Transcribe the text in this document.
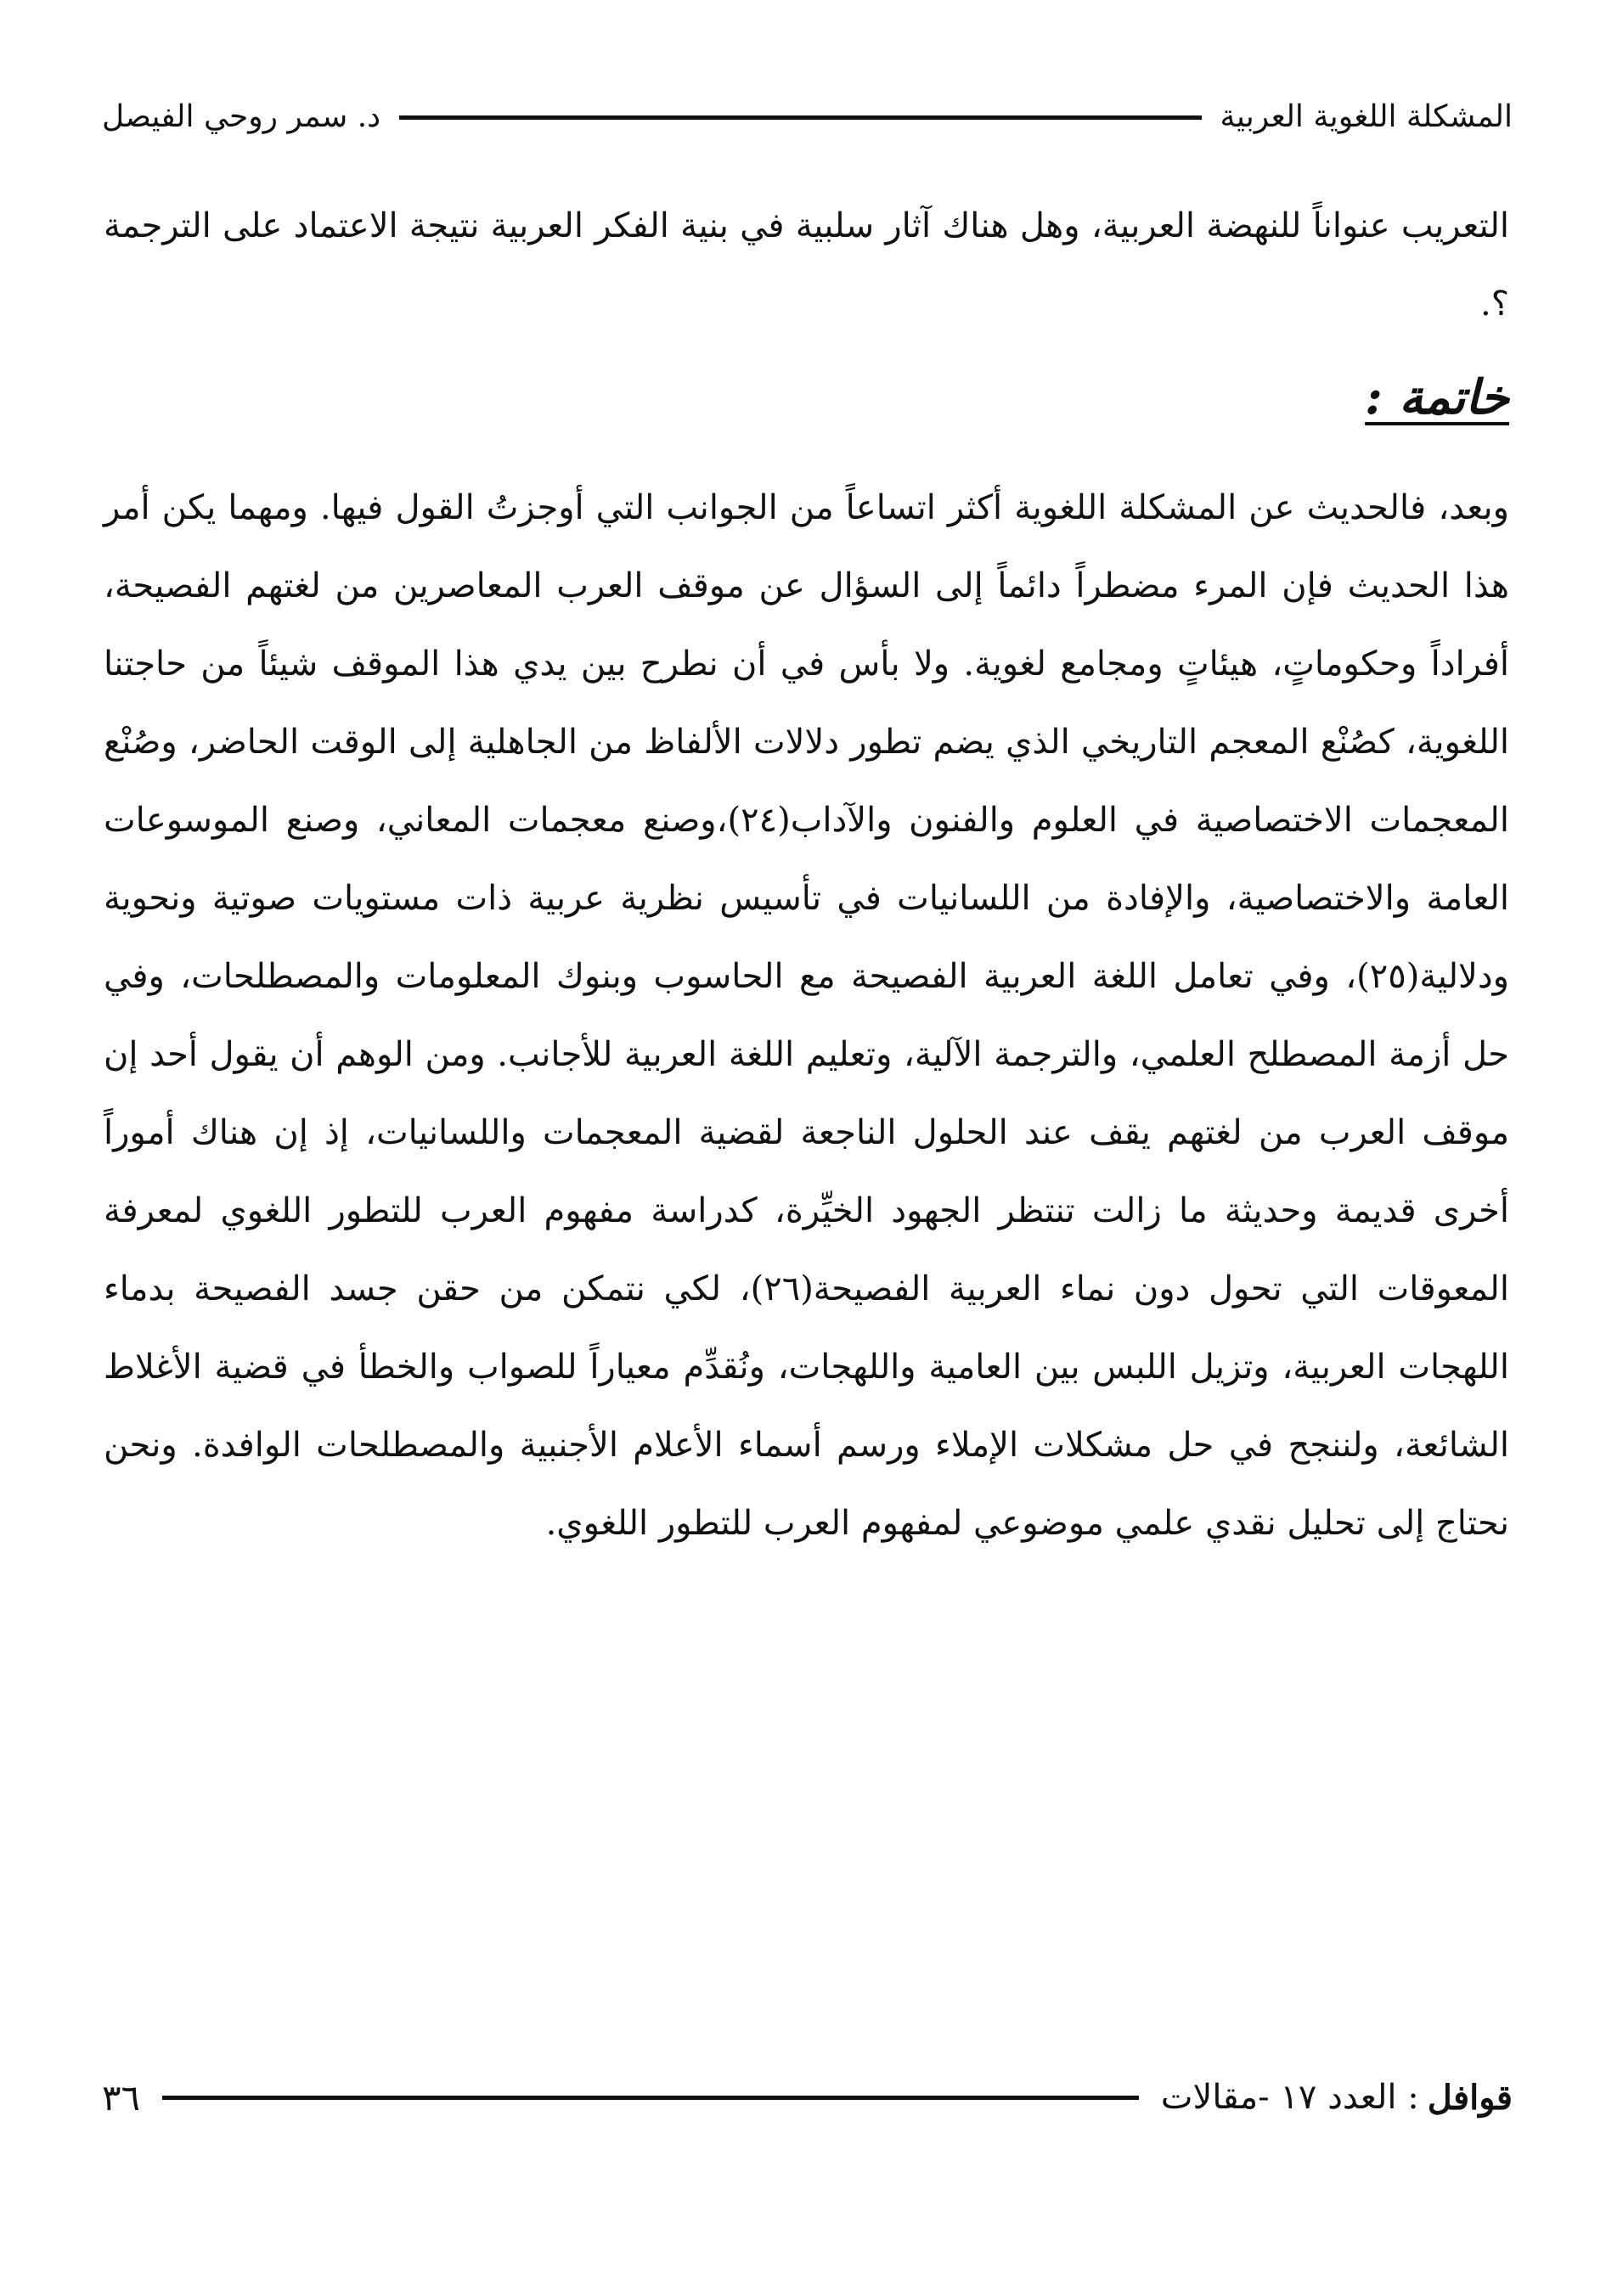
المشكلة اللغوية العربية
د. سمر روحي الفيصل

التعريب عنواناً للنهضة العربية، وهل هناك آثار سلبية في بنية الفكر العربية نتيجة الاعتماد على الترجمة ؟.

خاتمة :

وبعد، فالحديث عن المشكلة اللغوية أكثر اتساعاً من الجوانب التي أوجزتُ القول فيها. ومهما يكن أمر هذا الحديث فإن المرء مضطراً دائماً إلى السؤال عن موقف العرب المعاصرين من لغتهم الفصيحة، أفراداً وحكوماتٍ، هيئاتٍ ومجامع لغوية. ولا بأس في أن نطرح بين يدي هذا الموقف شيئاً من حاجتنا اللغوية، كصُنْع المعجم التاريخي الذي يضم تطور دلالات الألفاظ من الجاهلية إلى الوقت الحاضر، وصُنْع المعجمات الاختصاصية في العلوم والفنون والآداب(٢٤)،وصنع معجمات المعاني، وصنع الموسوعات العامة والاختصاصية، والإفادة من اللسانيات في تأسيس نظرية عربية ذات مستويات صوتية ونحوية ودلالية(٢٥)، وفي تعامل اللغة العربية الفصيحة مع الحاسوب وبنوك المعلومات والمصطلحات، وفي حل أزمة المصطلح العلمي، والترجمة الآلية، وتعليم اللغة العربية للأجانب. ومن الوهم أن يقول أحد إن موقف العرب من لغتهم يقف عند الحلول الناجعة لقضية المعجمات واللسانيات، إذ إن هناك أموراً أخرى قديمة وحديثة ما زالت تنتظر الجهود الخيِّرة، كدراسة مفهوم العرب للتطور اللغوي لمعرفة المعوقات التي تحول دون نماء العربية الفصيحة(٢٦)، لكي نتمكن من حقن جسد الفصيحة بدماء اللهجات العربية، وتزيل اللبس بين العامية واللهجات، ونُقدِّم معياراً للصواب والخطأ في قضية الأغلاط الشائعة، ولننجح في حل مشكلات الإملاء ورسم أسماء الأعلام الأجنبية والمصطلحات الوافدة. ونحن نحتاج إلى تحليل نقدي علمي موضوعي لمفهوم العرب للتطور اللغوي.

قوافل
: العدد ١٧ -مقالات
٣٦
